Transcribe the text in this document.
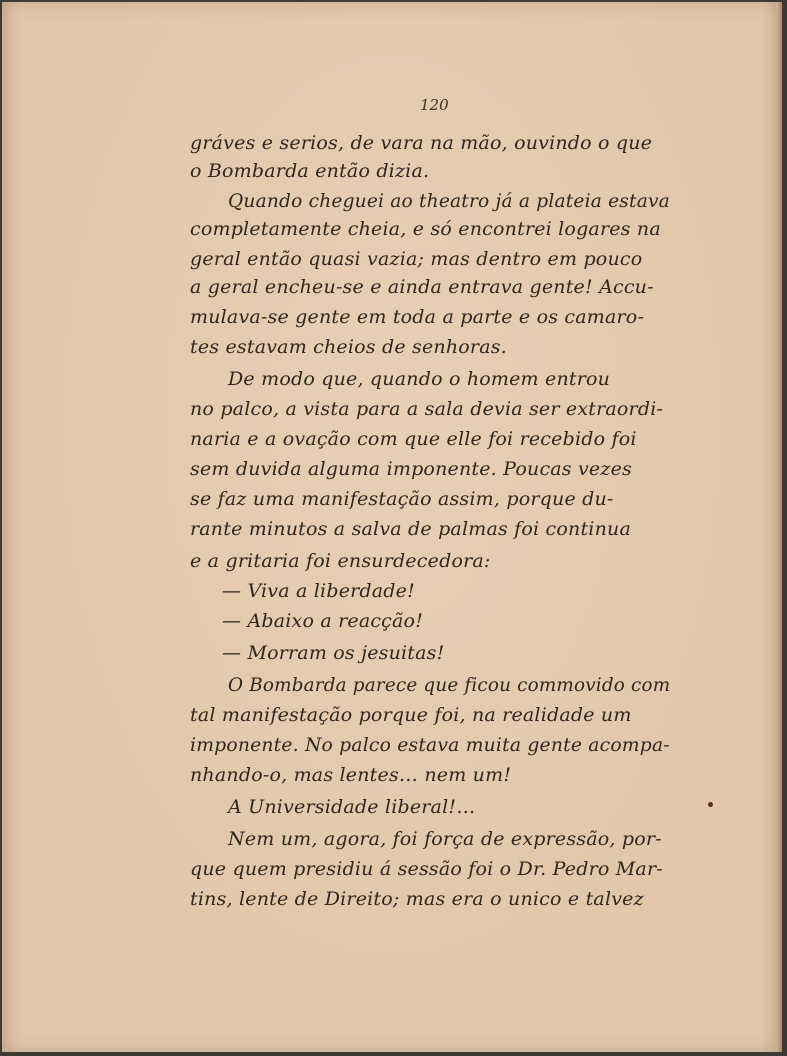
120
gráves e serios, de vara na mão, ouvindo o que
o Bombarda então dizia.
Quando cheguei ao theatro já a plateia estava
completamente cheia, e só encontrei logares na
geral então quasi vazia; mas dentro em pouco
a geral encheu-se e ainda entrava gente! Accu-
mulava-se gente em toda a parte e os camaro-
tes estavam cheios de senhoras.
De modo que, quando o homem entrou
no palco, a vista para a sala devia ser extraordi-
naria e a ovação com que elle foi recebido foi
sem duvida alguma imponente. Poucas vezes
se faz uma manifestação assim, porque du-
rante minutos a salva de palmas foi continua
e a gritaria foi ensurdecedora:
— Viva a liberdade!
— Abaixo a reacção!
— Morram os jesuitas!
O Bombarda parece que ficou commovido com
tal manifestação porque foi, na realidade um
imponente. No palco estava muita gente acompa-
nhando-o, mas lentes… nem um!
A Universidade liberal!…
Nem um, agora, foi força de expressão, por-
que quem presidiu á sessão foi o Dr. Pedro Mar-
tins, lente de Direito; mas era o unico e talvez
